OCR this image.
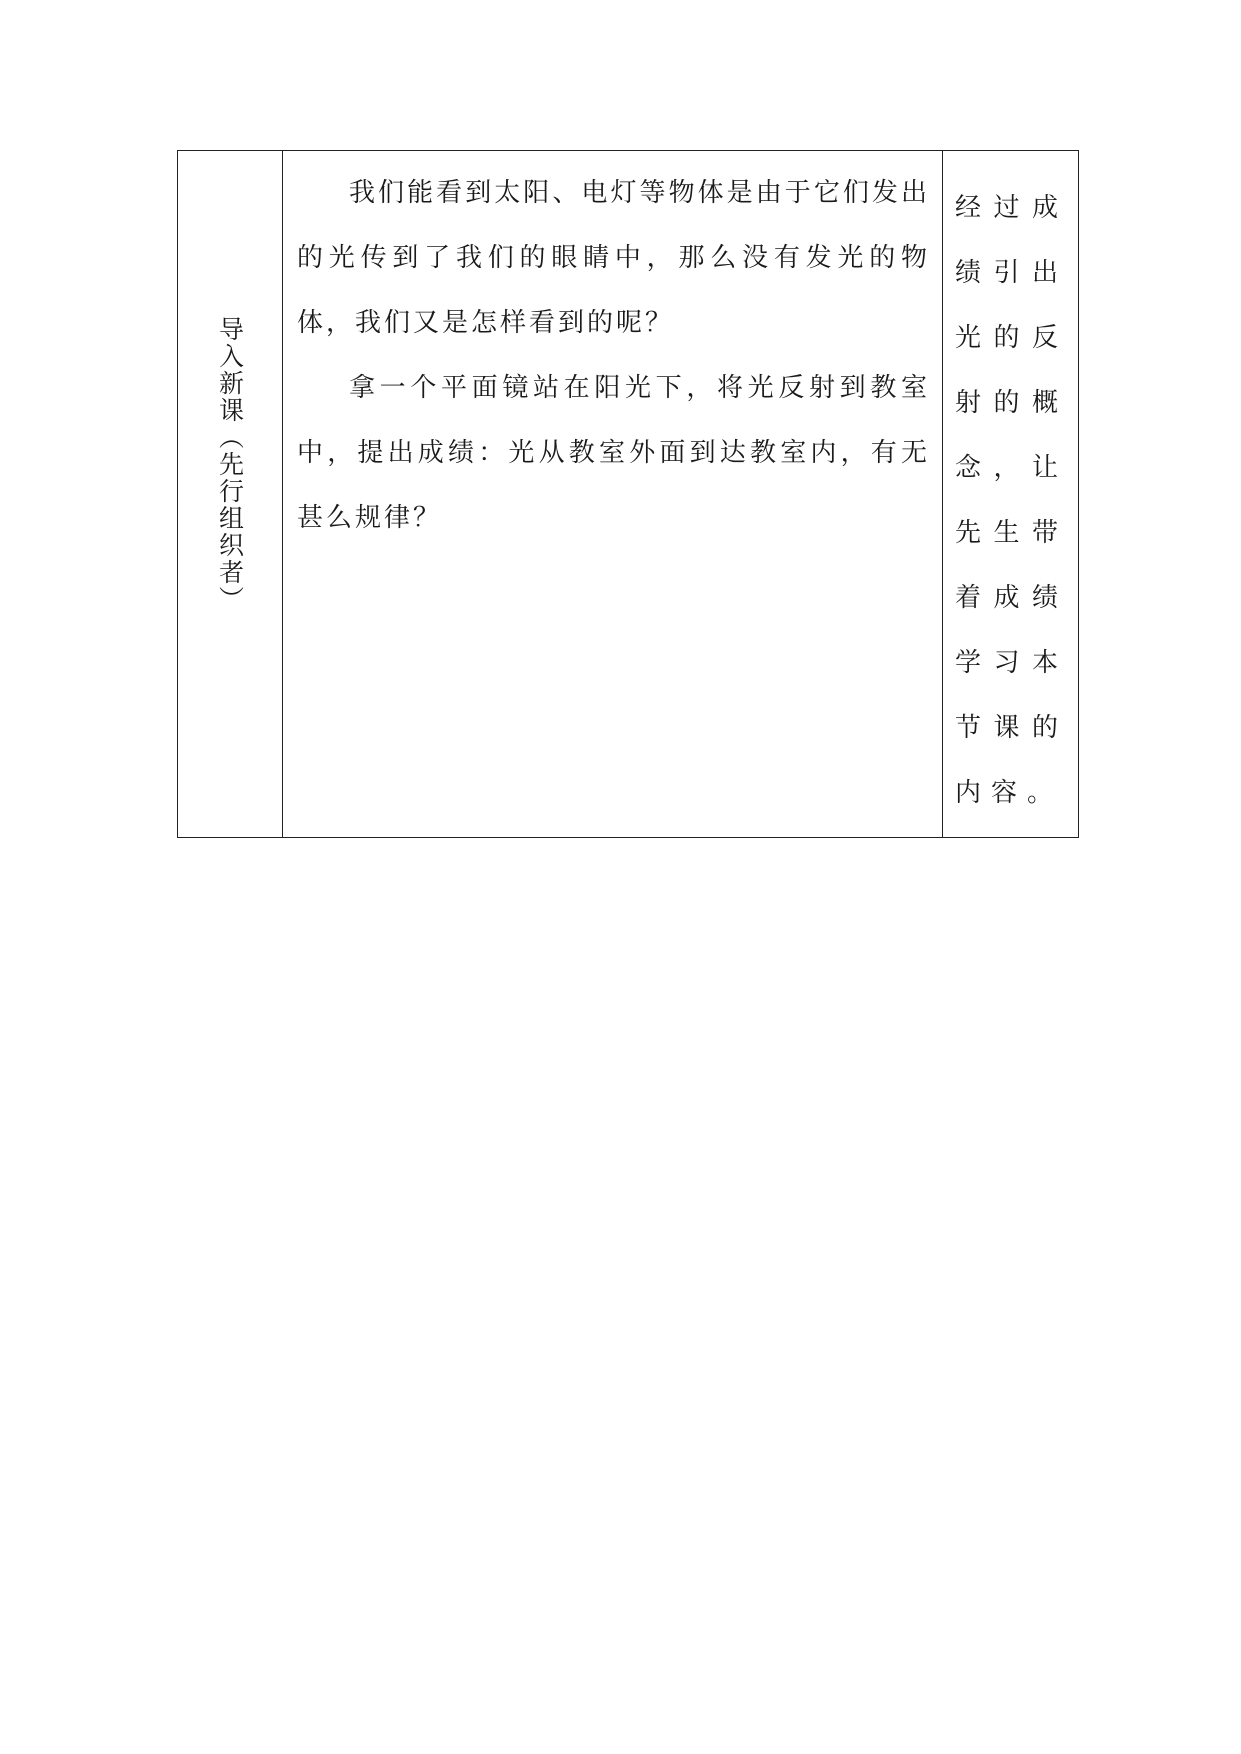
导入新课（先行组织者）

我们能看到太阳、电灯等物体是由于它们发出的光传到了我们的眼睛中，那么没有发光的物体，我们又是怎样看到的呢？

拿一个平面镜站在阳光下，将光反射到教室中，提出成绩：光从教室外面到达教室内，有无甚么规律？

经过成绩引出光的反射的概念，让先生带着成绩学习本节课的内容。
